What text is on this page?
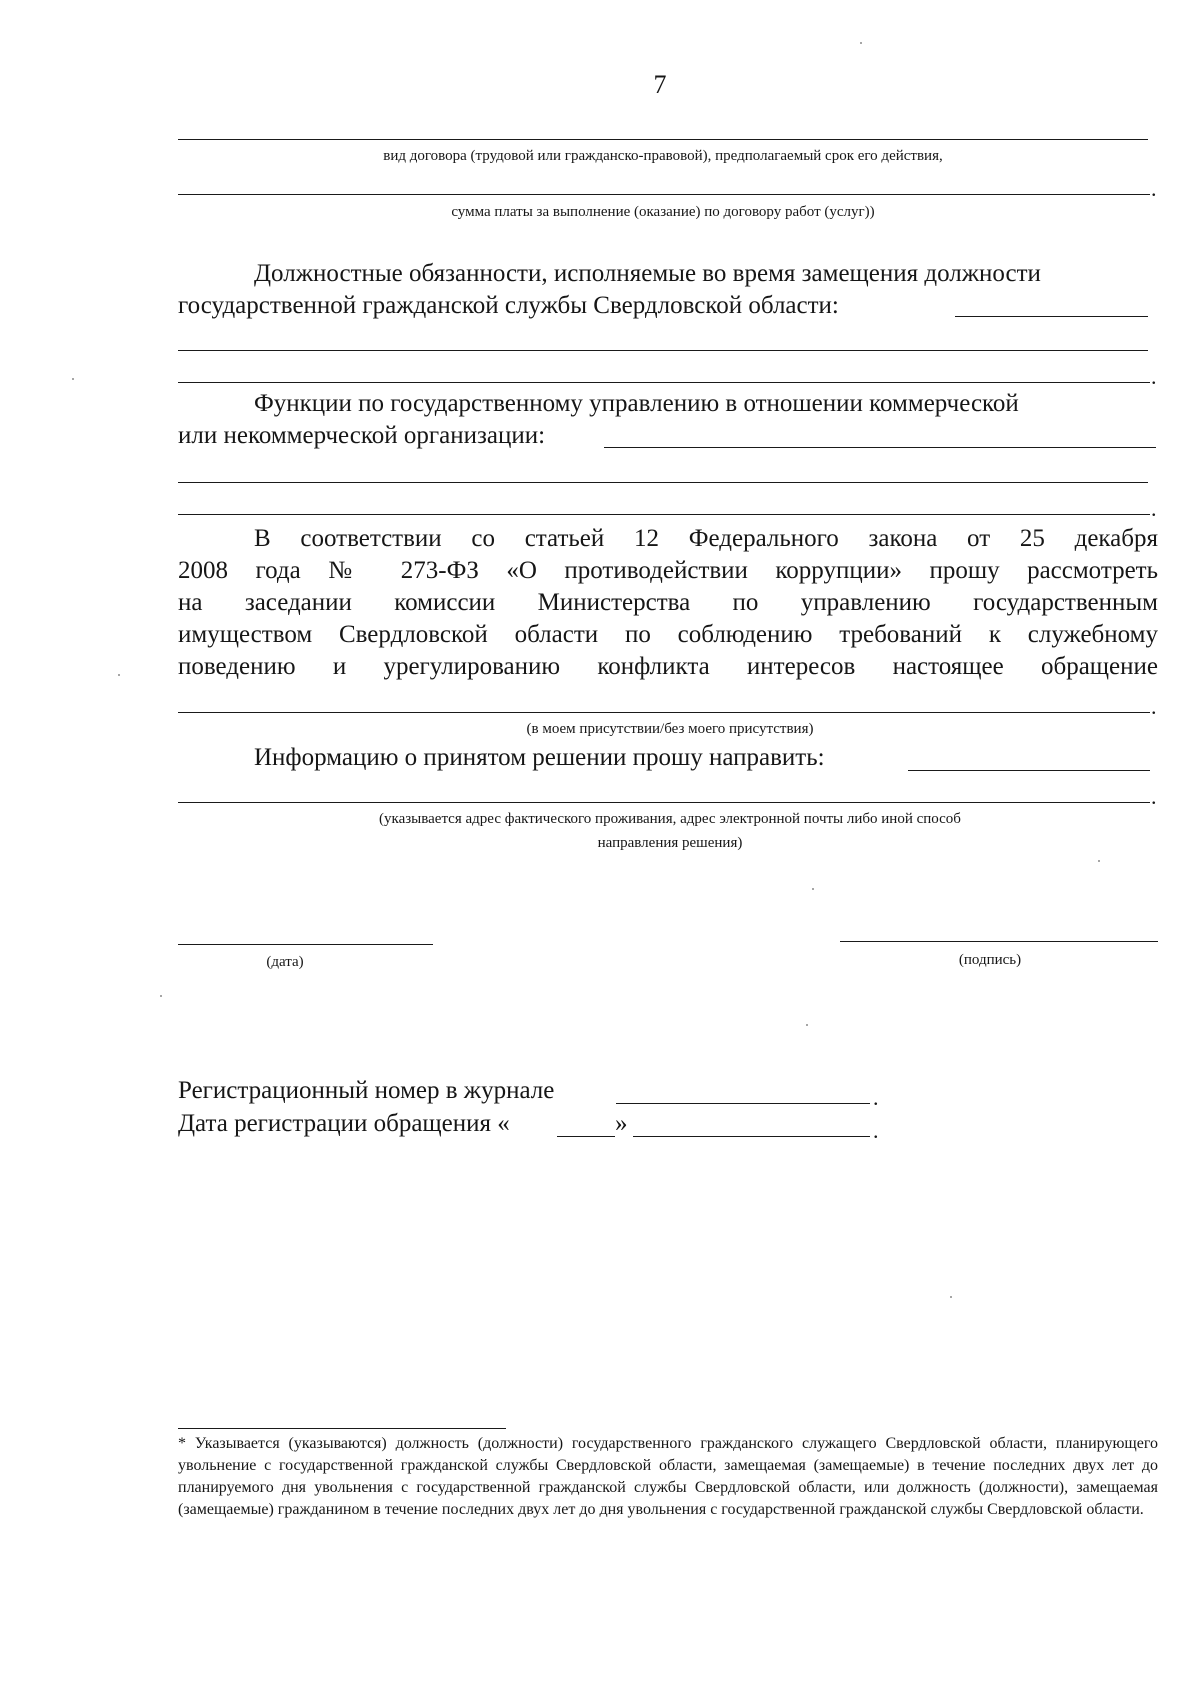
7
вид договора (трудовой или гражданско-правовой), предполагаемый срок его действия,
.
сумма платы за выполнение (оказание) по договору работ (услуг))
Должностные обязанности, исполняемые во время замещения должности
государственной гражданской службы Свердловской области:
.
Функции по государственному управлению в отношении коммерческой
или некоммерческой организации:
.
В соответствии со статьей 12 Федерального закона от 25 декабря
2008 года № 273-ФЗ «О противодействии коррупции» прошу рассмотреть
на заседании комиссии Министерства по управлению государственным
имуществом Свердловской области по соблюдению требований к служебному
поведению и урегулированию конфликта интересов настоящее обращение
.
(в моем присутствии/без моего присутствия)
Информацию о принятом решении прошу направить:
.
(указывается адрес фактического проживания, адрес электронной почты либо иной способ
направления решения)
(дата)	(подпись)
Регистрационный номер в журнале	.
Дата регистрации обращения «	»	.
* Указывается (указываются) должность (должности) государственного гражданского служащего Свердловской области, планирующего увольнение с государственной гражданской службы Свердловской области, замещаемая (замещаемые) в течение последних двух лет до планируемого дня увольнения с государственной гражданской службы Свердловской области, или должность (должности), замещаемая (замещаемые) гражданином в течение последних двух лет до дня увольнения с государственной гражданской службы Свердловской области.
